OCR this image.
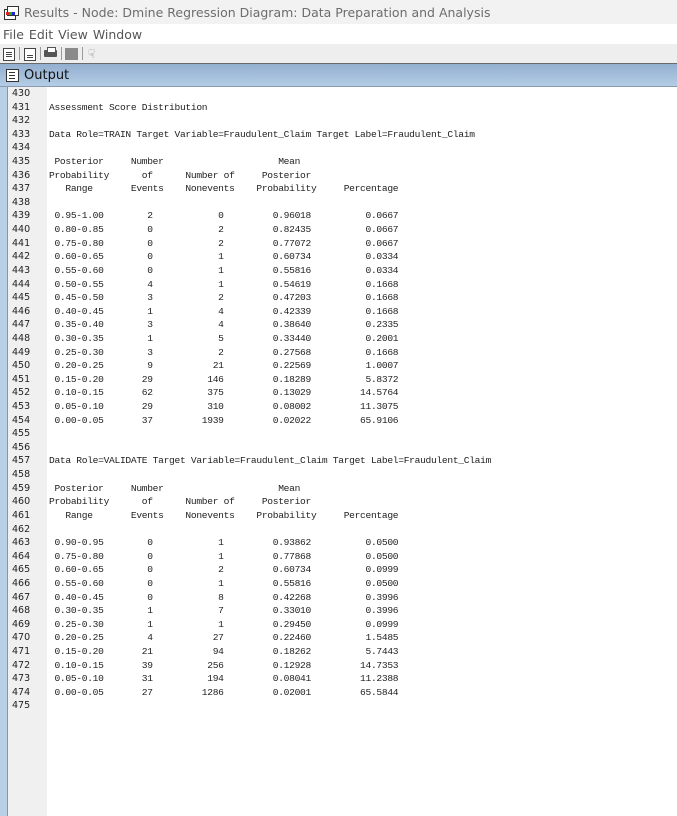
Results - Node: Dmine Regression Diagram: Data Preparation and Analysis
File Edit View Window
☟
Output
430
431 Assessment Score Distribution
432
433 Data Role=TRAIN Target Variable=Fraudulent_Claim Target Label=Fraudulent_Claim
434
435 Posterior     Number                     Mean
436 Probability      of      Number of     Posterior
437 Range       Events    Nonevents    Probability     Percentage
438
439 0.95-1.00        2            0         0.96018          0.0667
440 0.80-0.85        0            2         0.82435          0.0667
441 0.75-0.80        0            2         0.77072          0.0667
442 0.60-0.65        0            1         0.60734          0.0334
443 0.55-0.60        0            1         0.55816          0.0334
444 0.50-0.55        4            1         0.54619          0.1668
445 0.45-0.50        3            2         0.47203          0.1668
446 0.40-0.45        1            4         0.42339          0.1668
447 0.35-0.40        3            4         0.38640          0.2335
448 0.30-0.35        1            5         0.33440          0.2001
449 0.25-0.30        3            2         0.27568          0.1668
450 0.20-0.25        9           21         0.22569          1.0007
451 0.15-0.20       29          146         0.18289          5.8372
452 0.10-0.15       62          375         0.13029         14.5764
453 0.05-0.10       29          310         0.08002         11.3075
454 0.00-0.05       37         1939         0.02022         65.9106
455
456
457 Data Role=VALIDATE Target Variable=Fraudulent_Claim Target Label=Fraudulent_Claim
458
459 Posterior     Number                     Mean
460 Probability      of      Number of     Posterior
461 Range       Events    Nonevents    Probability     Percentage
462
463 0.90-0.95        0            1         0.93862          0.0500
464 0.75-0.80        0            1         0.77868          0.0500
465 0.60-0.65        0            2         0.60734          0.0999
466 0.55-0.60        0            1         0.55816          0.0500
467 0.40-0.45        0            8         0.42268          0.3996
468 0.30-0.35        1            7         0.33010          0.3996
469 0.25-0.30        1            1         0.29450          0.0999
470 0.20-0.25        4           27         0.22460          1.5485
471 0.15-0.20       21           94         0.18262          5.7443
472 0.10-0.15       39          256         0.12928         14.7353
473 0.05-0.10       31          194         0.08041         11.2388
474 0.00-0.05       27         1286         0.02001         65.5844
475
